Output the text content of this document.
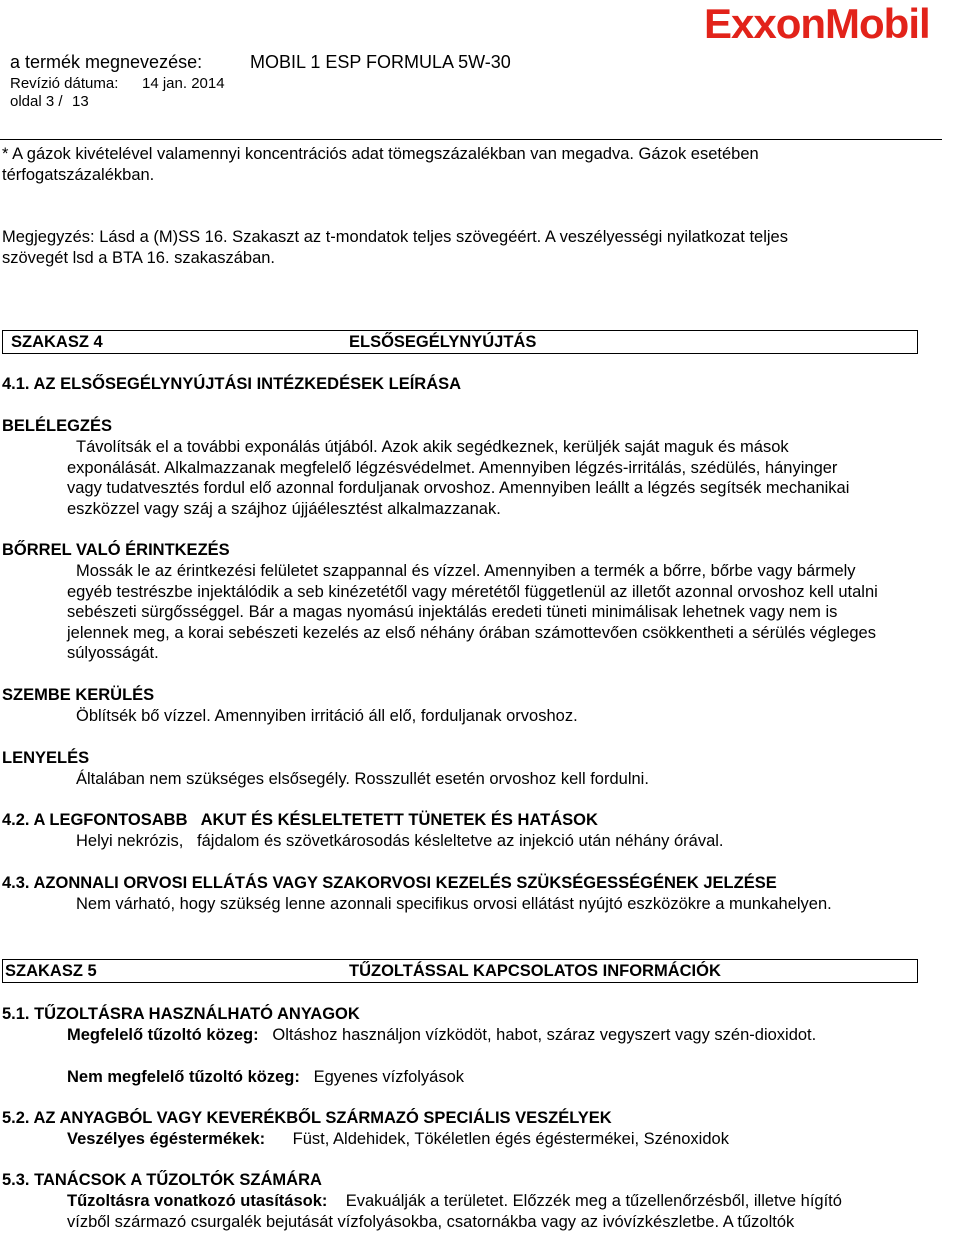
a termék megnevezése:	MOBIL 1 ESP FORMULA 5W-30
Revízió dátuma: 14 jan. 2014
oldal 3 / 13
ExxonMobil
* A gázok kivételével valamennyi koncentrációs adat tömegszázalékban van megadva. Gázok esetében
térfogatszázalékban.
Megjegyzés: Lásd a (M)SS 16. Szakaszt az t-mondatok teljes szövegéért. A veszélyességi nyilatkozat teljes
szövegét lsd a BTA 16. szakaszában.
SZAKASZ 4	ELSŐSEGÉLYNYÚJTÁS
4.1. AZ ELSŐSEGÉLYNYÚJTÁSI INTÉZKEDÉSEK LEÍRÁSA
BELÉLEGZÉS
Távolítsák el a további exponálás útjából. Azok akik segédkeznek, kerüljék saját maguk és mások
exponálását. Alkalmazzanak megfelelő légzésvédelmet. Amennyiben légzés-irritálás, szédülés, hányinger
vagy tudatvesztés fordul elő azonnal forduljanak orvoshoz. Amennyiben leállt a légzés segítsék mechanikai
eszközzel vagy száj a szájhoz újjáélesztést alkalmazzanak.
BŐRREL VALÓ ÉRINTKEZÉS
Mossák le az érintkezési felületet szappannal és vízzel. Amennyiben a termék a bőrre, bőrbe vagy bármely
egyéb testrészbe injektálódik a seb kinézetétől vagy méretétől függetlenül az illetőt azonnal orvoshoz kell utalni
sebészeti sürgősséggel. Bár a magas nyomású injektálás eredeti tüneti minimálisak lehetnek vagy nem is
jelennek meg, a korai sebészeti kezelés az első néhány órában számottevően csökkentheti a sérülés végleges
súlyosságát.
SZEMBE KERÜLÉS
Öblítsék bő vízzel. Amennyiben irritáció áll elő, forduljanak orvoshoz.
LENYELÉS
Általában nem szükséges elsősegély. Rosszullét esetén orvoshoz kell fordulni.
4.2. A LEGFONTOSABB   AKUT ÉS KÉSLELTETETT TÜNETEK ÉS HATÁSOK
Helyi nekrózis,   fájdalom és szövetkárosodás késleltetve az injekció után néhány órával.
4.3. AZONNALI ORVOSI ELLÁTÁS VAGY SZAKORVOSI KEZELÉS SZÜKSÉGESSÉGÉNEK JELZÉSE
Nem várható, hogy szükség lenne azonnali specifikus orvosi ellátást nyújtó eszközökre a munkahelyen.
SZAKASZ 5	TŰZOLTÁSSAL KAPCSOLATOS INFORMÁCIÓK
5.1. TŰZOLTÁSRA HASZNÁLHATÓ ANYAGOK
Megfelelő tűzoltó közeg: Oltáshoz használjon vízködöt, habot, száraz vegyszert vagy szén-dioxidot.
Nem megfelelő tűzoltó közeg: Egyenes vízfolyások
5.2. AZ ANYAGBÓL VAGY KEVERÉKBŐL SZÁRMAZÓ SPECIÁLIS VESZÉLYEK
Veszélyes égéstermékek: Füst, Aldehidek, Tökéletlen égés égéstermékei, Szénoxidok
5.3. TANÁCSOK A TŰZOLTÓK SZÁMÁRA
Tűzoltásra vonatkozó utasítások: Evakuálják a területet. Előzzék meg a tűzellenőrzésből, illetve hígító
vízből származó csurgalék bejutását vízfolyásokba, csatornákba vagy az ivóvízkészletbe. A tűzoltók
